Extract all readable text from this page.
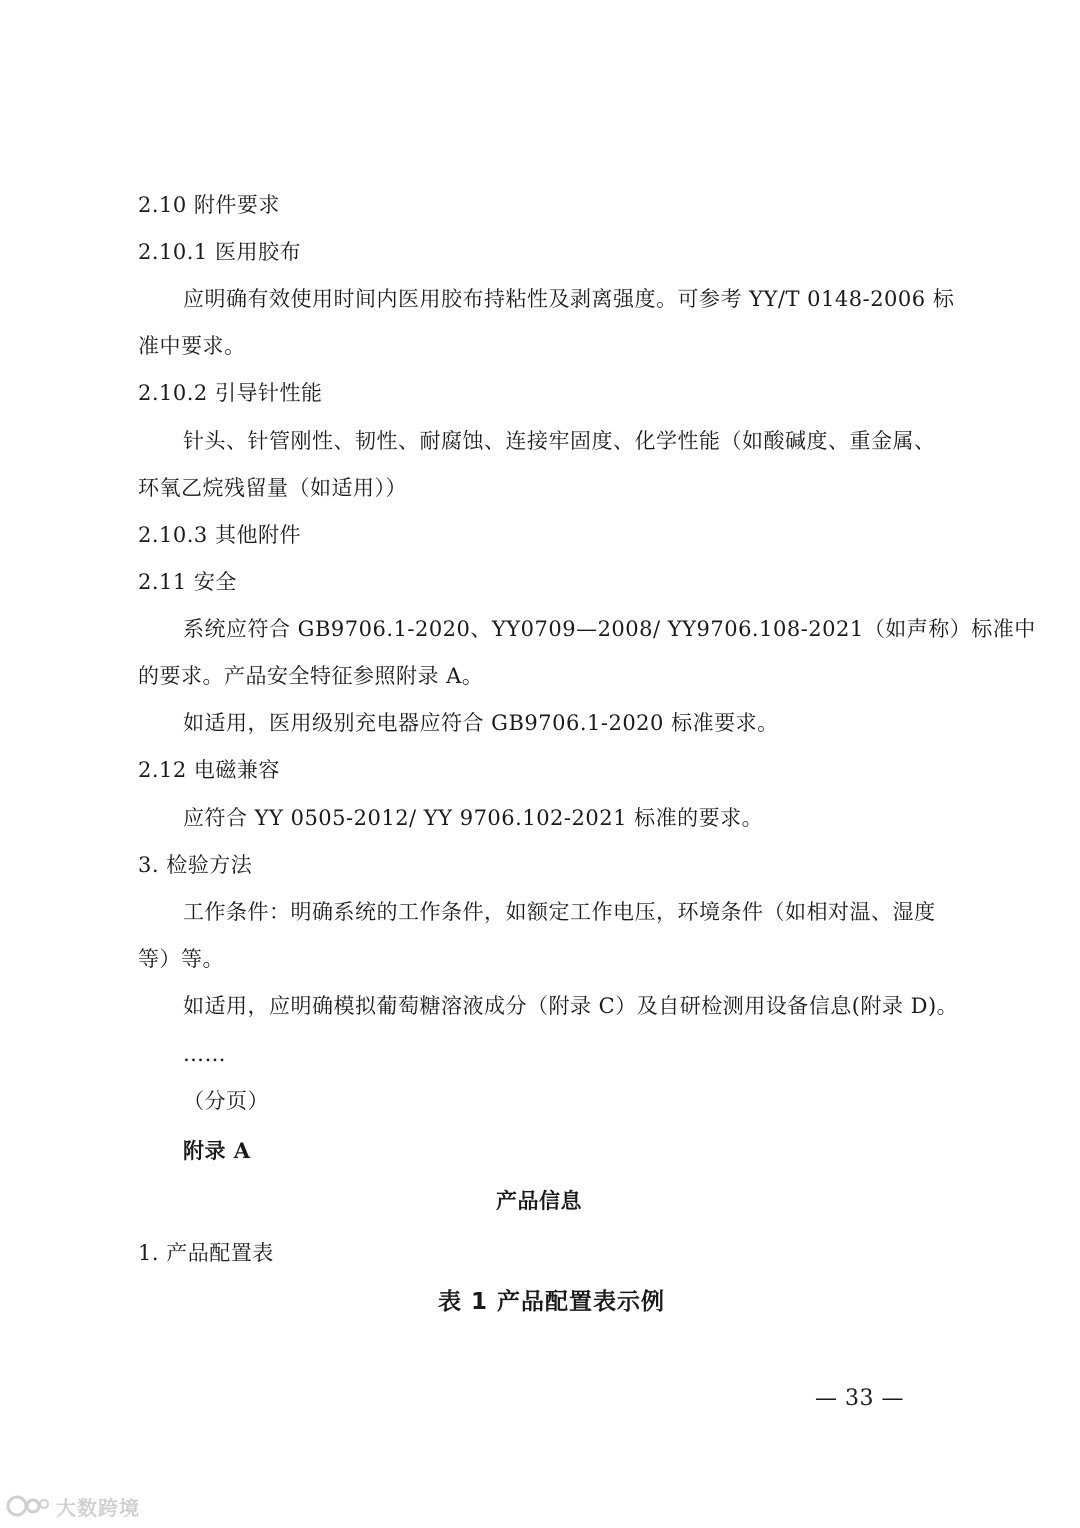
2.10 附件要求
2.10.1 医用胶布
应明确有效使用时间内医用胶布持粘性及剥离强度。可参考 YY/T 0148-2006 标
准中要求。
2.10.2 引导针性能
针头、针管刚性、韧性、耐腐蚀、连接牢固度、化学性能（如酸碱度、重金属、
环氧乙烷残留量（如适用））
2.10.3 其他附件
2.11 安全
系统应符合 GB9706.1-2020、YY0709—2008/ YY9706.108-2021（如声称）标准中
的要求。产品安全特征参照附录 A。
如适用，医用级别充电器应符合 GB9706.1-2020 标准要求。
2.12 电磁兼容
应符合 YY 0505-2012/ YY 9706.102-2021 标准的要求。
3. 检验方法
工作条件：明确系统的工作条件，如额定工作电压，环境条件（如相对温、湿度
等）等。
如适用，应明确模拟葡萄糖溶液成分（附录 C）及自研检测用设备信息(附录 D)。
……
（分页）
附录 A
产品信息
1. 产品配置表
表 1 产品配置表示例
— 33 —
大数跨境
